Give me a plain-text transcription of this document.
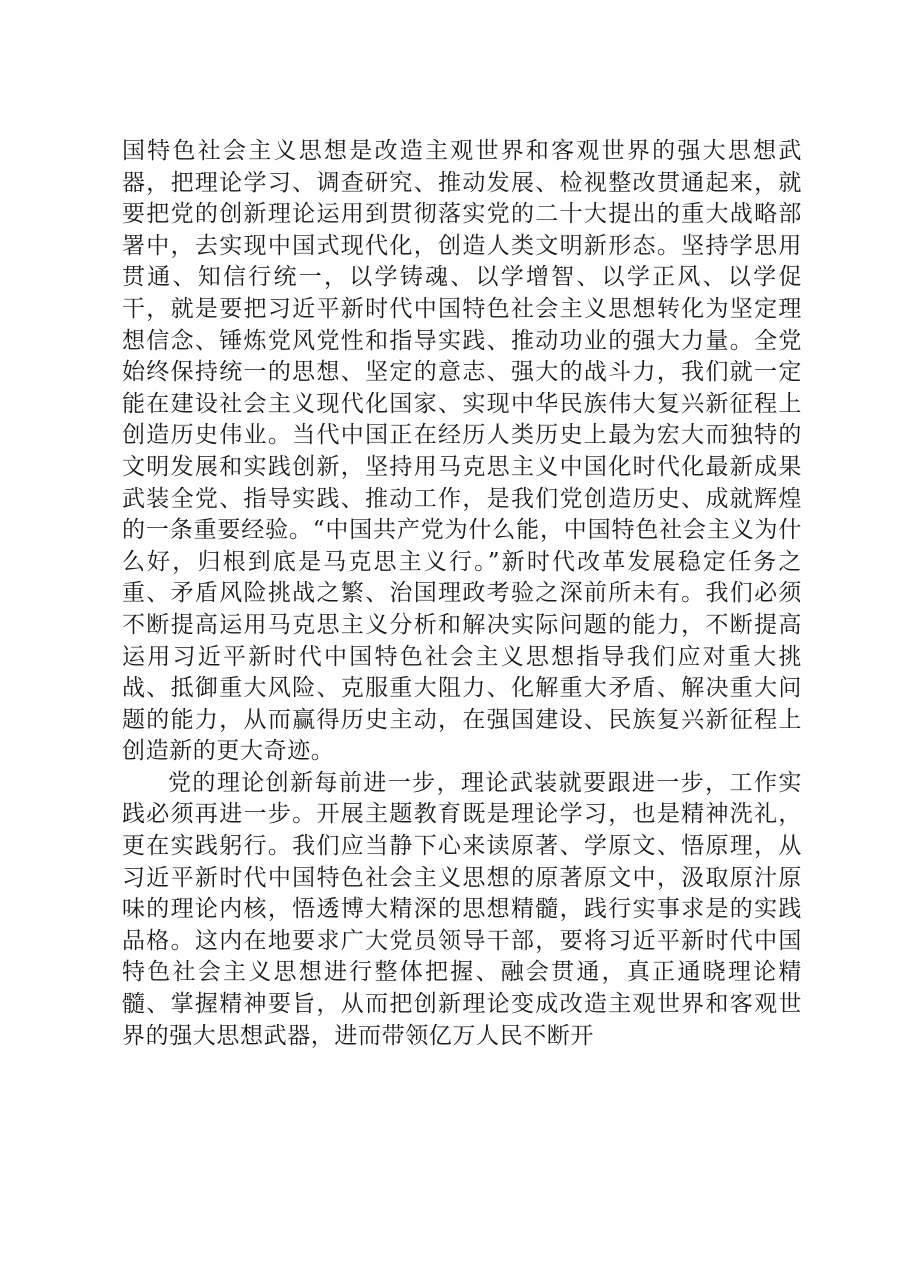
国特色社会主义思想是改造主观世界和客观世界的强大思想武器，把理论学习、调查研究、推动发展、检视整改贯通起来，就要把党的创新理论运用到贯彻落实党的二十大提出的重大战略部署中，去实现中国式现代化，创造人类文明新形态。坚持学思用贯通、知信行统一，以学铸魂、以学增智、以学正风、以学促干，就是要把习近平新时代中国特色社会主义思想转化为坚定理想信念、锤炼党风党性和指导实践、推动功业的强大力量。全党始终保持统一的思想、坚定的意志、强大的战斗力，我们就一定能在建设社会主义现代化国家、实现中华民族伟大复兴新征程上创造历史伟业。当代中国正在经历人类历史上最为宏大而独特的文明发展和实践创新，坚持用马克思主义中国化时代化最新成果武装全党、指导实践、推动工作，是我们党创造历史、成就辉煌的一条重要经验。“中国共产党为什么能，中国特色社会主义为什么好，归根到底是马克思主义行。”新时代改革发展稳定任务之重、矛盾风险挑战之繁、治国理政考验之深前所未有。我们必须不断提高运用马克思主义分析和解决实际问题的能力，不断提高运用习近平新时代中国特色社会主义思想指导我们应对重大挑战、抵御重大风险、克服重大阻力、化解重大矛盾、解决重大问题的能力，从而赢得历史主动，在强国建设、民族复兴新征程上创造新的更大奇迹。

党的理论创新每前进一步，理论武装就要跟进一步，工作实践必须再进一步。开展主题教育既是理论学习，也是精神洗礼，更在实践躬行。我们应当静下心来读原著、学原文、悟原理，从习近平新时代中国特色社会主义思想的原著原文中，汲取原汁原味的理论内核，悟透博大精深的思想精髓，践行实事求是的实践品格。这内在地要求广大党员领导干部，要将习近平新时代中国特色社会主义思想进行整体把握、融会贯通，真正通晓理论精髓、掌握精神要旨，从而把创新理论变成改造主观世界和客观世界的强大思想武器，进而带领亿万人民不断开
